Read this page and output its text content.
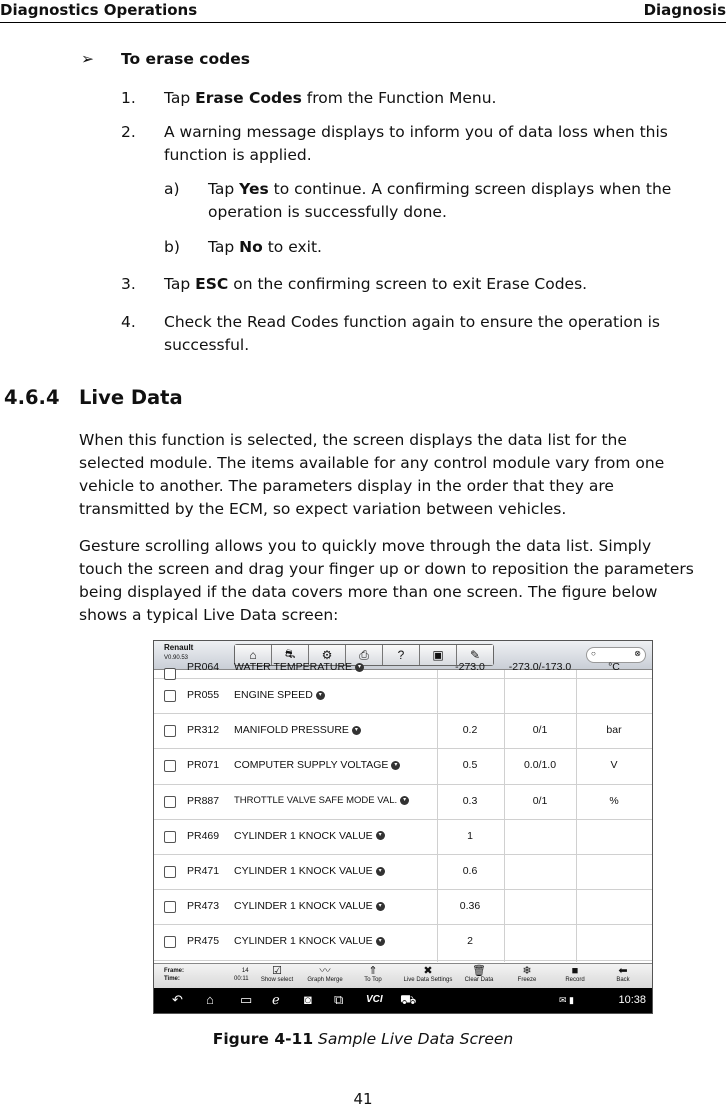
Diagnostics Operations	Diagnosis
➢ To erase codes
1. Tap Erase Codes from the Function Menu.
2. A warning message displays to inform you of data loss when this
function is applied.
a) Tap Yes to continue. A confirming screen displays when the
operation is successfully done.
b) Tap No to exit.
3. Tap ESC on the confirming screen to exit Erase Codes.
4. Check the Read Codes function again to ensure the operation is
successful.
4.6.4 Live Data
When this function is selected, the screen displays the data list for the
selected module. The items available for any control module vary from one
vehicle to another. The parameters display in the order that they are
transmitted by the ECM, so expect variation between vehicles.
Gesture scrolling allows you to quickly move through the data list. Simply
touch the screen and drag your finger up or down to reposition the parameters
being displayed if the data covers more than one screen. The figure below
shows a typical Live Data screen:
Renault
V0.90.53	⌂	⛐	⚙	⎙	?	▣	✎	○	⊗
PR064 WATER TEMPERATURE ▾	-273.0	-273.0/-173.0	°C
PR055 ENGINE SPEED ▾
PR312 MANIFOLD PRESSURE ▾	0.2	0/1	bar
PR071 COMPUTER SUPPLY VOLTAGE ▾	0.5	0.0/1.0	V
PR887 THROTTLE VALVE SAFE MODE VAL. ▾	0.3	0/1	%
PR469 CYLINDER 1 KNOCK VALUE ▾	1
PR471 CYLINDER 1 KNOCK VALUE ▾	0.6
PR473 CYLINDER 1 KNOCK VALUE ▾	0.36
PR475 CYLINDER 1 KNOCK VALUE ▾	2
Frame:
Time:
14
00:11
☑
Show select
〰
Graph Merge
⇑
To Top
✖
Live Data Settings
🗑
Clear Data
❄
Freeze
■
Record
⬅
Back
↶ ⌂ ▭ ℯ ◙ ⧉ VCI ⛟	✉ ▮	10:38
Figure 4-11 Sample Live Data Screen
41
